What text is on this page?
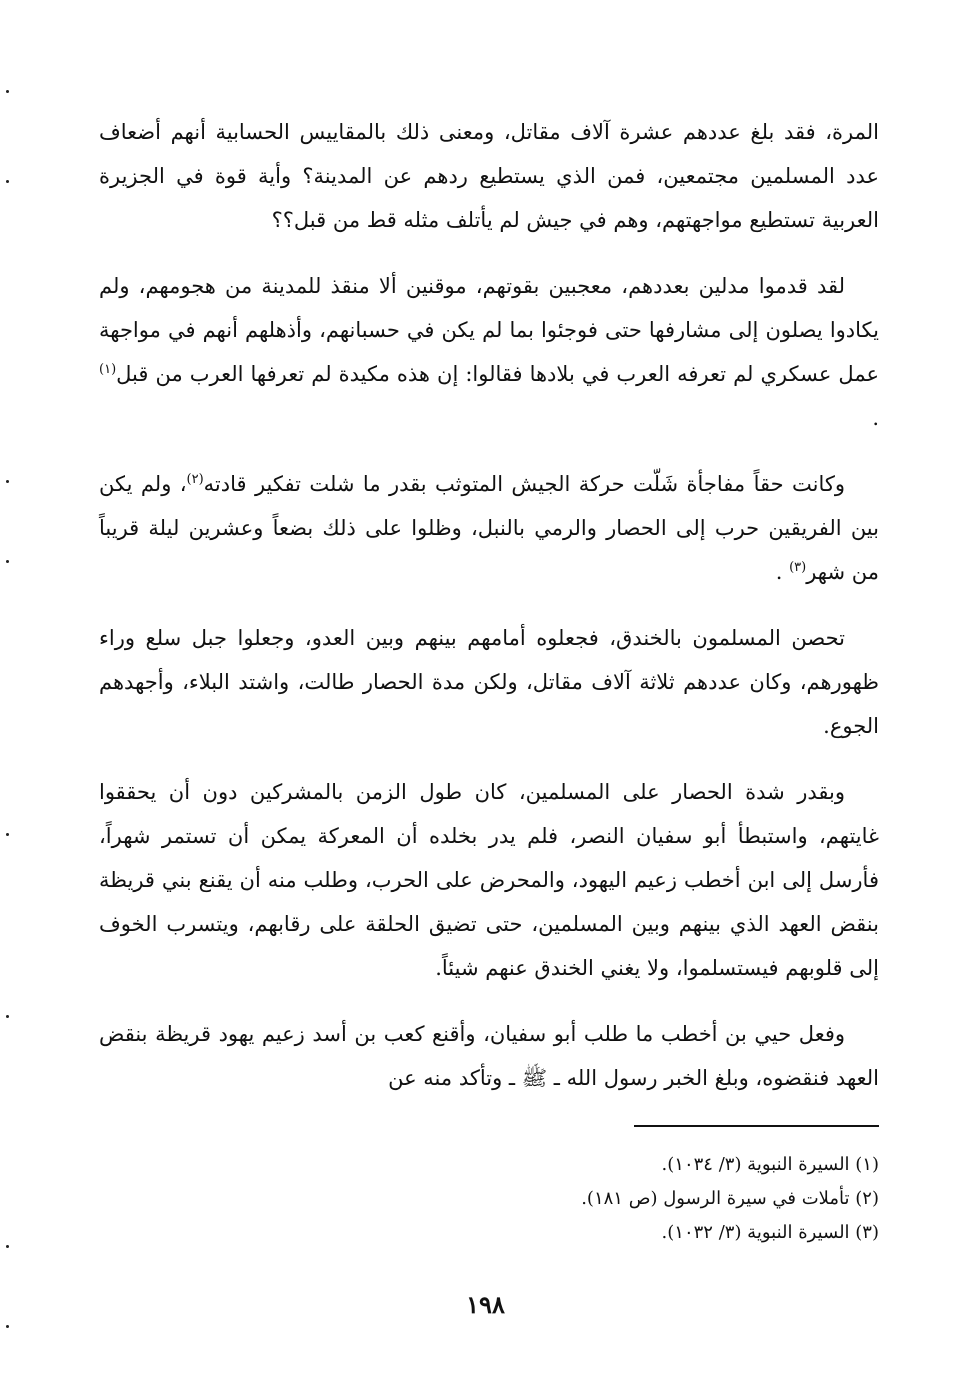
المرة، فقد بلغ عددهم عشرة آلاف مقاتل، ومعنى ذلك بالمقاييس الحسابية أنهم أضعاف عدد المسلمين مجتمعين، فمن الذي يستطيع ردهم عن المدينة؟ وأية قوة في الجزيرة العربية تستطيع مواجهتهم، وهم في جيش لم يأتلف مثله قط من قبل؟؟

لقد قدموا مدلين بعددهم، معجبين بقوتهم، موقنين ألا منقذ للمدينة من هجومهم، ولم يكادوا يصلون إلى مشارفها حتى فوجئوا بما لم يكن في حسبانهم، وأذهلهم أنهم في مواجهة عمل عسكري لم تعرفه العرب في بلادها فقالوا: إن هذه مكيدة لم تعرفها العرب من قبل$^{(١)}$ .

وكانت حقاً مفاجأة شَلّت حركة الجيش المتوثب بقدر ما شلت تفكير قادته$^{(٢)}$، ولم يكن بين الفريقين حرب إلى الحصار والرمي بالنبل، وظلوا على ذلك بضعاً وعشرين ليلة قريباً من شهر$^{(٣)}$ .

تحصن المسلمون بالخندق، فجعلوه أمامهم بينهم وبين العدو، وجعلوا جبل سلع وراء ظهورهم، وكان عددهم ثلاثة آلاف مقاتل، ولكن مدة الحصار طالت، واشتد البلاء، وأجهدهم الجوع.

وبقدر شدة الحصار على المسلمين، كان طول الزمن بالمشركين دون أن يحققوا غايتهم، واستبطأ أبو سفيان النصر، فلم يدر بخلده أن المعركة يمكن أن تستمر شهراً، فأرسل إلى ابن أخطب زعيم اليهود، والمحرض على الحرب، وطلب منه أن يقنع بني قريظة بنقض العهد الذي بينهم وبين المسلمين، حتى تضيق الحلقة على رقابهم، ويتسرب الخوف إلى قلوبهم فيستسلموا، ولا يغني الخندق عنهم شيئاً.

وفعل حيي بن أخطب ما طلب أبو سفيان، وأقنع كعب بن أسد زعيم يهود قريظة بنقض العهد فنقضوه، وبلغ الخبر رسول الله ـ ﷺ ـ وتأكد منه عن

(١) السيرة النبوية (٣/ ١٠٣٤).

(٢) تأملات في سيرة الرسول (ص ١٨١).

(٣) السيرة النبوية (٣/ ١٠٣٢).

١٩٨
